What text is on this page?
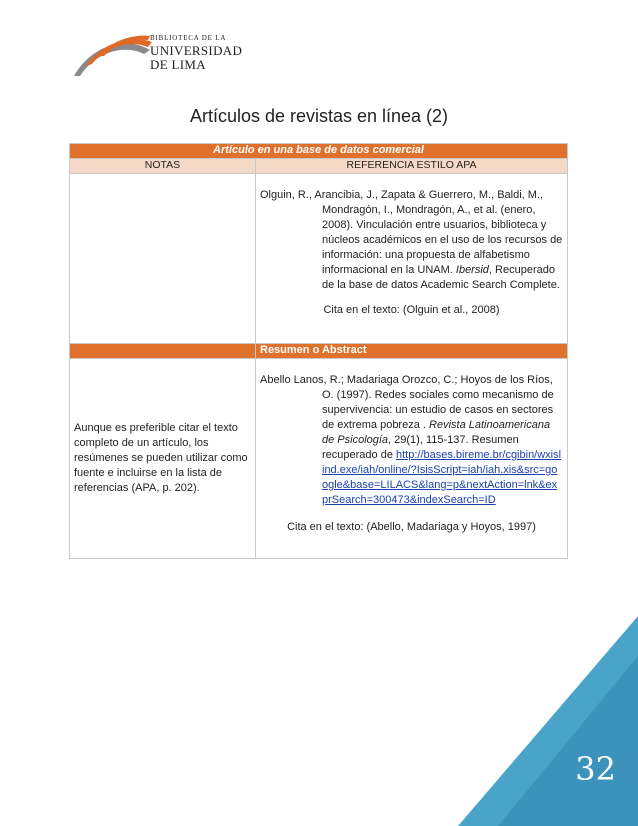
BIBLIOTECA DE LA
UNIVERSIDAD
DE LIMA
Artículos de revistas en línea (2)
Artículo en una base de datos comercial	
NOTAS	REFERENCIA ESTILO APA

	Olguin, R., Arancibia, J., Zapata & Guerrero, M., Baldi, M., Mondragón, I., Mondragón, A., et al. (enero, 2008). Vinculación entre usuarios, biblioteca y núcleos académicos en el uso de los recursos de información: una propuesta de alfabetismo informacional en la UNAM. Ibersid, Recuperado de la base de datos Academic Search Complete.

Cita en el texto: (Olguin et al., 2008)

	Resumen o Abstract
Aunque es preferible citar el texto completo de un artículo, los resúmenes se pueden utilizar como fuente e incluirse en la lista de referencias (APA, p. 202).	Abello Lanos, R.; Madariaga Orozco, C.; Hoyos de los Ríos, O. (1997). Redes sociales como mecanismo de supervivencia: un estudio de casos en sectores de extrema pobreza . Revista Latinoamericana de Psicología, 29(1), 115-137. Resumen recuperado de http://bases.bireme.br/cgibin/wxislind.exe/iah/online/?IsisScript=iah/iah.xis&src=google&base=LILACS&lang=p&nextAction=lnk&exprSearch=300473&indexSearch=ID

Cita en el texto: (Abello, Madariaga y Hoyos, 1997)

32
